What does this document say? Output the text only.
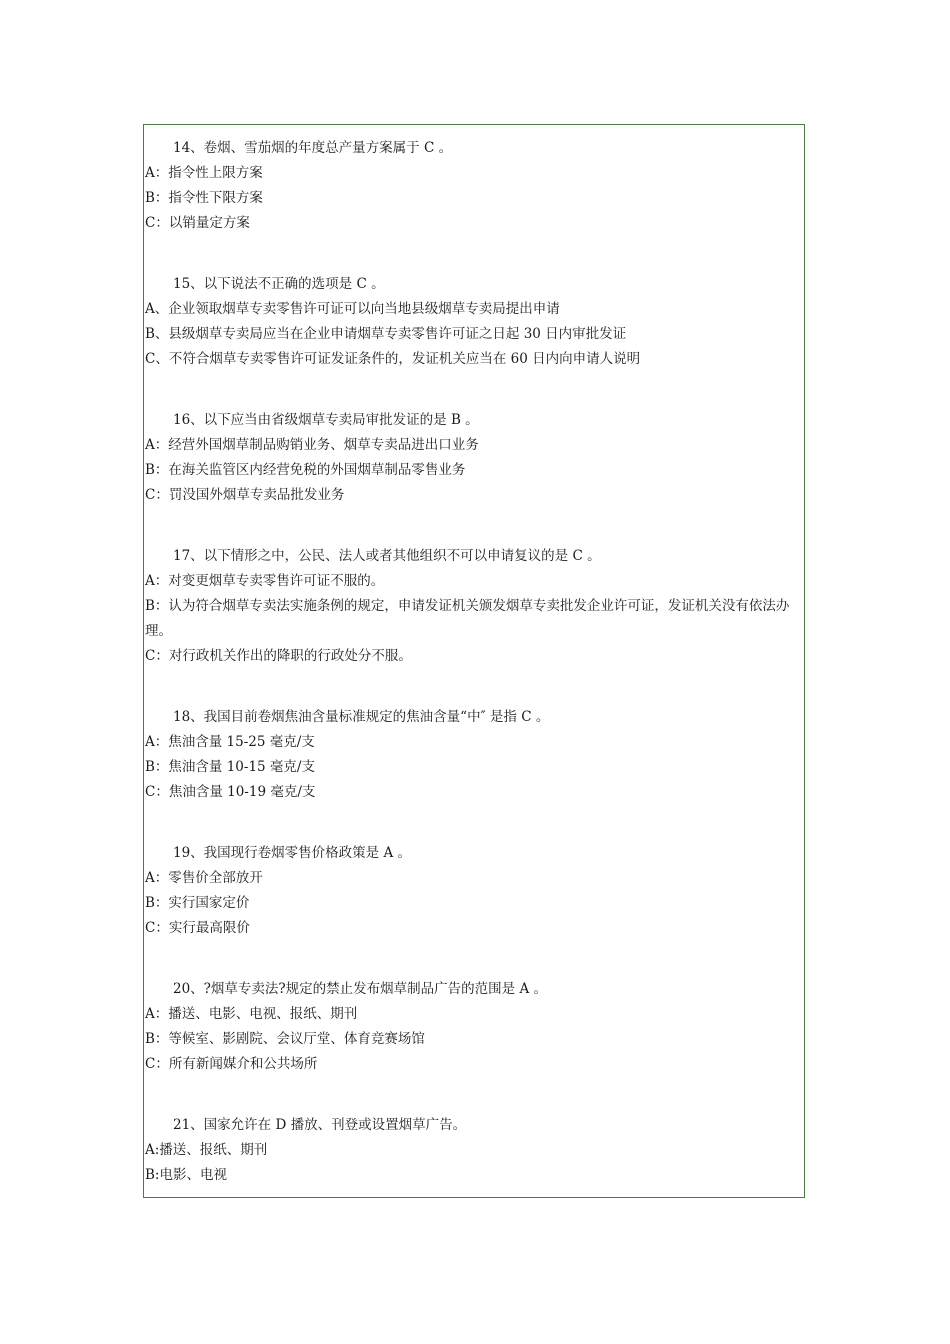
14、卷烟、雪茄烟的年度总产量方案属于 C 。
A：指令性上限方案
B：指令性下限方案
C：以销量定方案
15、以下说法不正确的选项是 C 。
A、企业领取烟草专卖零售许可证可以向当地县级烟草专卖局提出申请
B、县级烟草专卖局应当在企业申请烟草专卖零售许可证之日起 30 日内审批发证
C、不符合烟草专卖零售许可证发证条件的，发证机关应当在 60 日内向申请人说明
16、以下应当由省级烟草专卖局审批发证的是 B 。
A：经营外国烟草制品购销业务、烟草专卖品进出口业务
B：在海关监管区内经营免税的外国烟草制品零售业务
C：罚没国外烟草专卖品批发业务
17、以下情形之中，公民、法人或者其他组织不可以申请复议的是 C 。
A：对变更烟草专卖零售许可证不服的。
B：认为符合烟草专卖法实施条例的规定，申请发证机关颁发烟草专卖批发企业许可证，发证机关没有依法办理。
C：对行政机关作出的降职的行政处分不服。
18、我国目前卷烟焦油含量标准规定的焦油含量“中″ 是指 C 。
A：焦油含量 15-25 毫克/支
B：焦油含量 10-15 毫克/支
C：焦油含量 10-19 毫克/支
19、我国现行卷烟零售价格政策是 A 。
A：零售价全部放开
B：实行国家定价
C：实行最高限价
20、?烟草专卖法?规定的禁止发布烟草制品广告的范围是 A 。
A：播送、电影、电视、报纸、期刊
B：等候室、影剧院、会议厅堂、体育竞赛场馆
C：所有新闻媒介和公共场所
21、国家允许在 D 播放、刊登或设置烟草广告。
A:播送、报纸、期刊
B:电影、电视
